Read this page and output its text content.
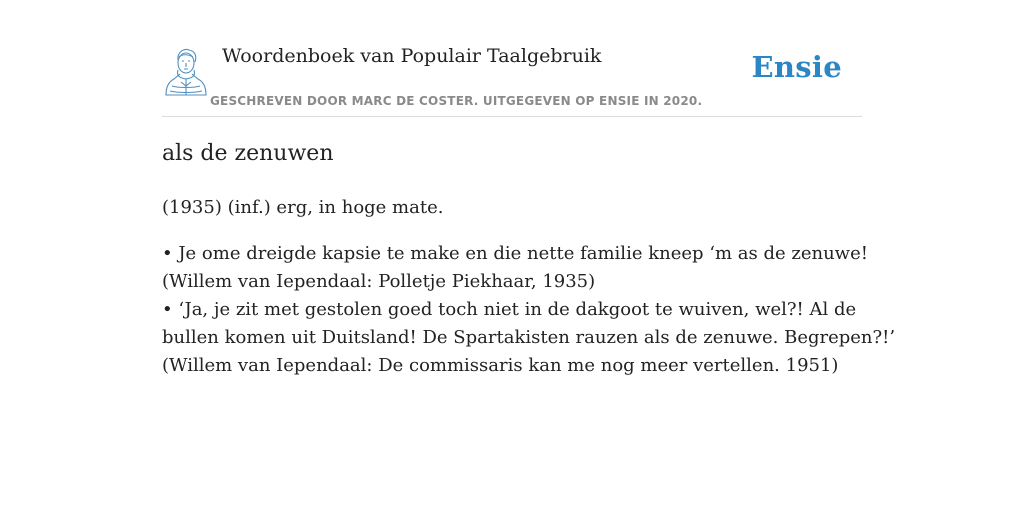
Woordenboek van Populair Taalgebruik	Ensie
GESCHREVEN DOOR MARC DE COSTER. UITGEGEVEN OP ENSIE IN 2020.
als de zenuwen

(1935) (inf.) erg, in hoge mate.

• Je ome dreigde kapsie te make en die nette familie kneep ‘m as de zenuwe!
(Willem van Iependaal: Polletje Piekhaar, 1935)
• ‘Ja, je zit met gestolen goed toch niet in de dakgoot te wuiven, wel?! Al de
bullen komen uit Duitsland! De Spartakisten rauzen als de zenuwe. Begrepen?!’
(Willem van Iependaal: De commissaris kan me nog meer vertellen. 1951)
